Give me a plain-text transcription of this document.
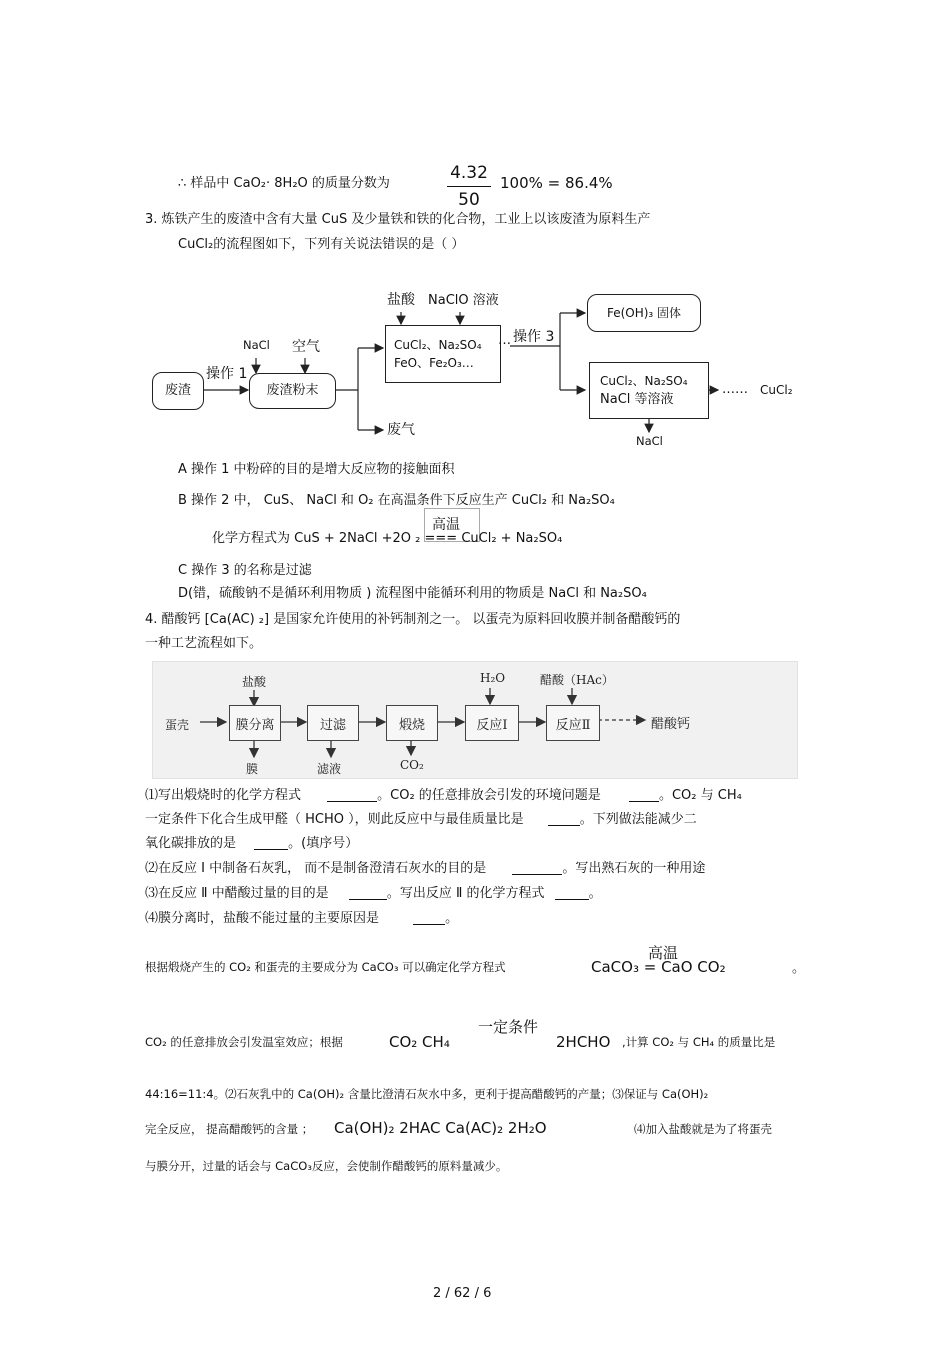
∴ 样品中 CaO₂· 8H₂O 的质量分数为
4.32
50
100% = 86.4%
3. 炼铁产生的废渣中含有大量 CuS 及少量铁和铁的化合物，工业上以该废渣为原料生产
CuCl₂的流程图如下，下列有关说法错误的是（ ）
废渣
操作 1
NaCl 空气
废渣粉末
废气
盐酸 NaClO 溶液
CuCl₂、Na₂SO₄
FeO、Fe₂O₃…
… 操作 3
Fe(OH)₃ 固体
CuCl₂、Na₂SO₄
NaCl 等溶液
…… CuCl₂
NaCl
A 操作 1 中粉碎的目的是增大反应物的接触面积
B 操作 2 中， CuS、 NaCl 和 O₂ 在高温条件下反应生产 CuCl₂ 和 Na₂SO₄
高温
化学方程式为 CuS + 2NaCl +2O ₂ === CuCl₂ + Na₂SO₄
C 操作 3 的名称是过滤
D(错，硫酸钠不是循环利用物质 ) 流程图中能循环利用的物质是 NaCl 和 Na₂SO₄
4. 醋酸钙 [Ca(AC) ₂] 是国家允许使用的补钙制剂之一。 以蛋壳为原料回收膜并制备醋酸钙的
一种工艺流程如下。
蛋壳
盐酸
膜分离
膜
过滤
滤液
煅烧
CO₂
H₂O
反应Ⅰ
醋酸（HAc）
反应Ⅱ	醋酸钙
⑴写出煅烧时的化学方程式	。CO₂ 的任意排放会引发的环境问题是	。CO₂ 与 CH₄
一定条件下化合生成甲醛（ HCHO ），则此反应中与最佳质量比是	。下列做法能减少二
氧化碳排放的是	。(填序号）
⑵在反应 Ⅰ 中制备石灰乳， 而不是制备澄清石灰水的目的是	。写出熟石灰的一种用途
⑶在反应 Ⅱ 中醋酸过量的目的是	。写出反应 Ⅱ 的化学方程式	。
⑷膜分离时，盐酸不能过量的主要原因是	。
根据煅烧产生的 CO₂ 和蛋壳的主要成分为 CaCO₃ 可以确定化学方程式
高温
CaCO₃ = CaO CO₂	。
CO₂ 的任意排放会引发温室效应；根据	CO₂ CH₄
一定条件
2HCHO ,计算 CO₂ 与 CH₄ 的质量比是
44:16=11:4。⑵石灰乳中的 Ca(OH)₂ 含量比澄清石灰水中多，更利于提高醋酸钙的产量；⑶保证与 Ca(OH)₂
完全反应， 提高醋酸钙的含量 ； Ca(OH)₂ 2HAC Ca(AC)₂ 2H₂O	⑷加入盐酸就是为了将蛋壳
与膜分开，过量的话会与 CaCO₃反应，会使制作醋酸钙的原料量减少。
2 / 62 / 6
